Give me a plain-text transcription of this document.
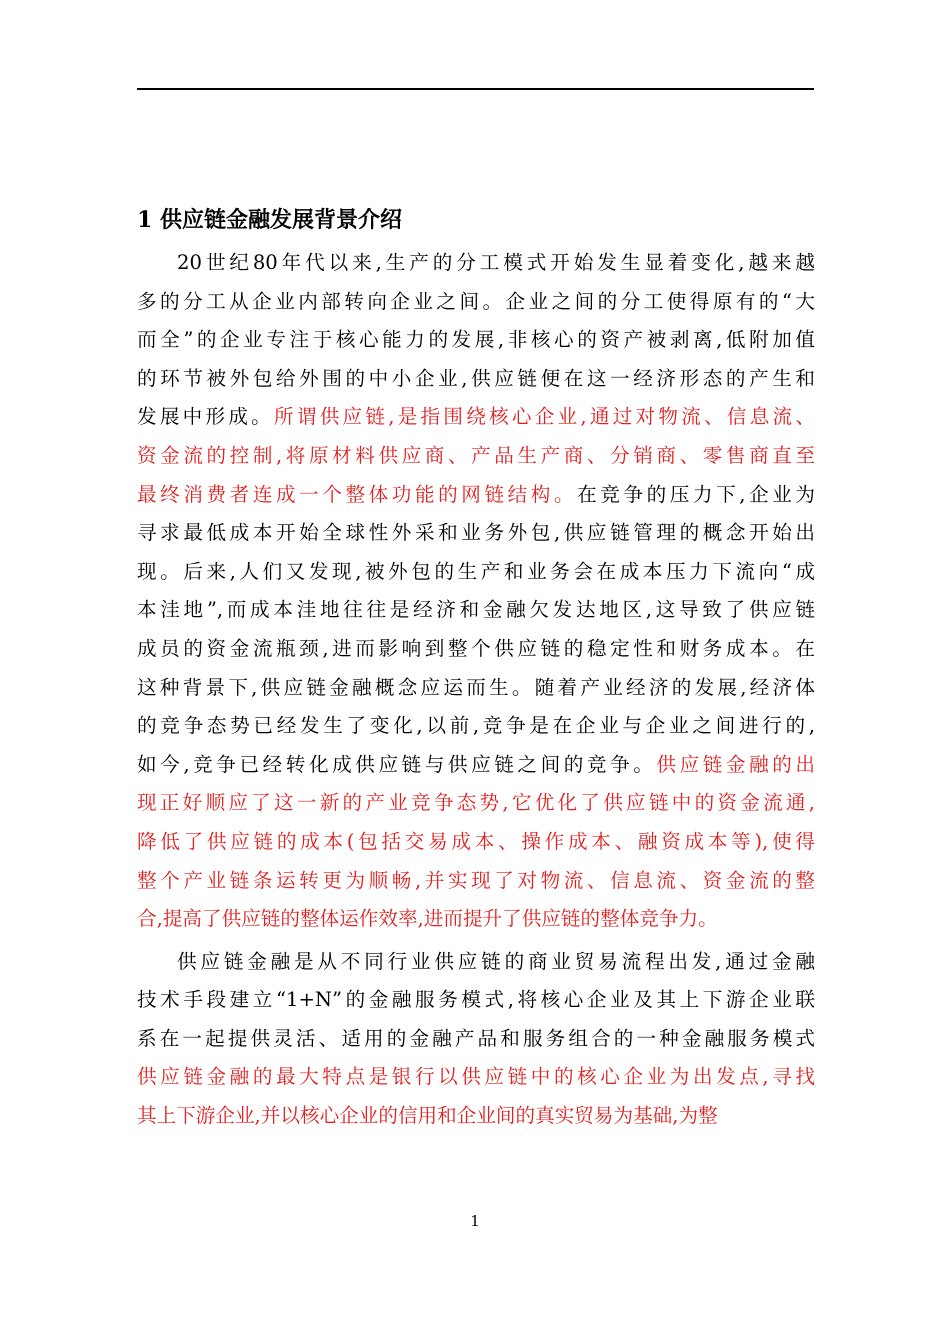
1 供应链金融发展背景介绍
20世纪80年代以来,生产的分工模式开始发生显着变化,越来越
多的分工从企业内部转向企业之间。企业之间的分工使得原有的“大
而全”的企业专注于核心能力的发展,非核心的资产被剥离,低附加值
的环节被外包给外围的中小企业,供应链便在这一经济形态的产生和
发展中形成。所谓供应链,是指围绕核心企业,通过对物流、信息流、
资金流的控制,将原材料供应商、产品生产商、分销商、零售商直至
最终消费者连成一个整体功能的网链结构。在竞争的压力下,企业为
寻求最低成本开始全球性外采和业务外包,供应链管理的概念开始出
现。后来,人们又发现,被外包的生产和业务会在成本压力下流向“成
本洼地”,而成本洼地往往是经济和金融欠发达地区,这导致了供应链
成员的资金流瓶颈,进而影响到整个供应链的稳定性和财务成本。在
这种背景下,供应链金融概念应运而生。随着产业经济的发展,经济体
的竞争态势已经发生了变化,以前,竞争是在企业与企业之间进行的,
如今,竞争已经转化成供应链与供应链之间的竞争。供应链金融的出
现正好顺应了这一新的产业竞争态势,它优化了供应链中的资金流通,
降低了供应链的成本(包括交易成本、操作成本、融资成本等),使得
整个产业链条运转更为顺畅,并实现了对物流、信息流、资金流的整
合,提高了供应链的整体运作效率,进而提升了供应链的整体竞争力。
供应链金融是从不同行业供应链的商业贸易流程出发,通过金融
技术手段建立“1+N”的金融服务模式,将核心企业及其上下游企业联
系在一起提供灵活、适用的金融产品和服务组合的一种金融服务模式
供应链金融的最大特点是银行以供应链中的核心企业为出发点,寻找
其上下游企业,并以核心企业的信用和企业间的真实贸易为基础,为整
1
